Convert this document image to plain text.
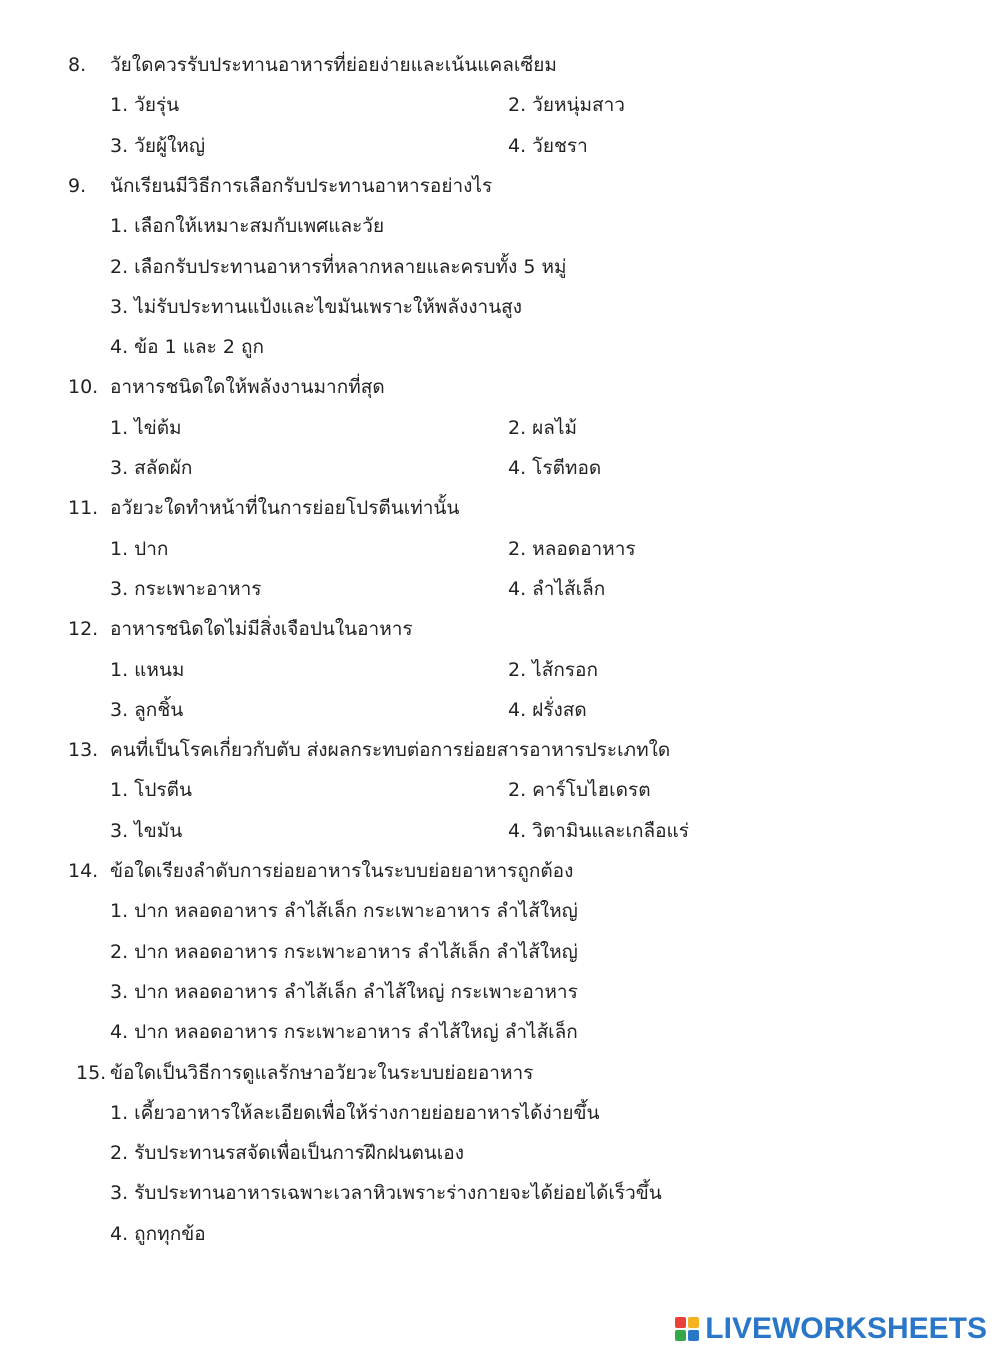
8. วัยใดควรรับประทานอาหารที่ย่อยง่ายและเน้นแคลเซียม
1. วัยรุ่น	2. วัยหนุ่มสาว
3. วัยผู้ใหญ่	4. วัยชรา
9. นักเรียนมีวิธีการเลือกรับประทานอาหารอย่างไร
1. เลือกให้เหมาะสมกับเพศและวัย
2. เลือกรับประทานอาหารที่หลากหลายและครบทั้ง 5 หมู่
3. ไม่รับประทานแป้งและไขมันเพราะให้พลังงานสูง
4. ข้อ 1 และ 2 ถูก
10. อาหารชนิดใดให้พลังงานมากที่สุด
1. ไข่ต้ม	2. ผลไม้
3. สลัดผัก	4. โรตีทอด
11. อวัยวะใดทำหน้าที่ในการย่อยโปรตีนเท่านั้น
1. ปาก	2. หลอดอาหาร
3. กระเพาะอาหาร	4. ลำไส้เล็ก
12. อาหารชนิดใดไม่มีสิ่งเจือปนในอาหาร
1. แหนม	2. ไส้กรอก
3. ลูกชิ้น	4. ฝรั่งสด
13. คนที่เป็นโรคเกี่ยวกับตับ ส่งผลกระทบต่อการย่อยสารอาหารประเภทใด
1. โปรตีน	2. คาร์โบไฮเดรต
3. ไขมัน	4. วิตามินและเกลือแร่
14. ข้อใดเรียงลำดับการย่อยอาหารในระบบย่อยอาหารถูกต้อง
1. ปาก หลอดอาหาร ลำไส้เล็ก กระเพาะอาหาร ลำไส้ใหญ่
2. ปาก หลอดอาหาร กระเพาะอาหาร ลำไส้เล็ก ลำไส้ใหญ่
3. ปาก หลอดอาหาร ลำไส้เล็ก ลำไส้ใหญ่ กระเพาะอาหาร
4. ปาก หลอดอาหาร กระเพาะอาหาร ลำไส้ใหญ่ ลำไส้เล็ก
15. ข้อใดเป็นวิธีการดูแลรักษาอวัยวะในระบบย่อยอาหาร
1. เคี้ยวอาหารให้ละเอียดเพื่อให้ร่างกายย่อยอาหารได้ง่ายขึ้น
2. รับประทานรสจัดเพื่อเป็นการฝึกฝนตนเอง
3. รับประทานอาหารเฉพาะเวลาหิวเพราะร่างกายจะได้ย่อยได้เร็วขึ้น
4. ถูกทุกข้อ
LIVEWORKSHEETS
